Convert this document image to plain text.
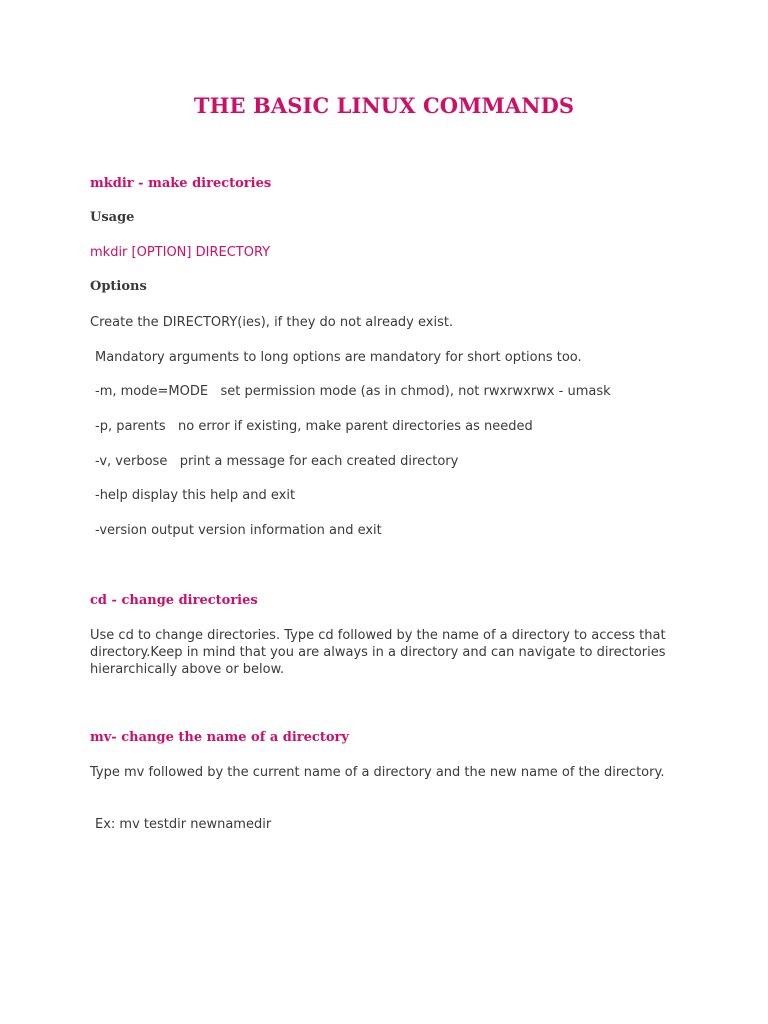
THE BASIC LINUX COMMANDS
mkdir - make directories
Usage
mkdir [OPTION] DIRECTORY
Options
Create the DIRECTORY(ies), if they do not already exist.
Mandatory arguments to long options are mandatory for short options too.
-m, mode=MODE   set permission mode (as in chmod), not rwxrwxrwx - umask
-p, parents   no error if existing, make parent directories as needed
-v, verbose   print a message for each created directory
-help display this help and exit
-version output version information and exit
cd - change directories
Use cd to change directories. Type cd followed by the name of a directory to access that directory.Keep in mind that you are always in a directory and can navigate to directories hierarchically above or below.
mv- change the name of a directory
Type mv followed by the current name of a directory and the new name of the directory.
Ex: mv testdir newnamedir
